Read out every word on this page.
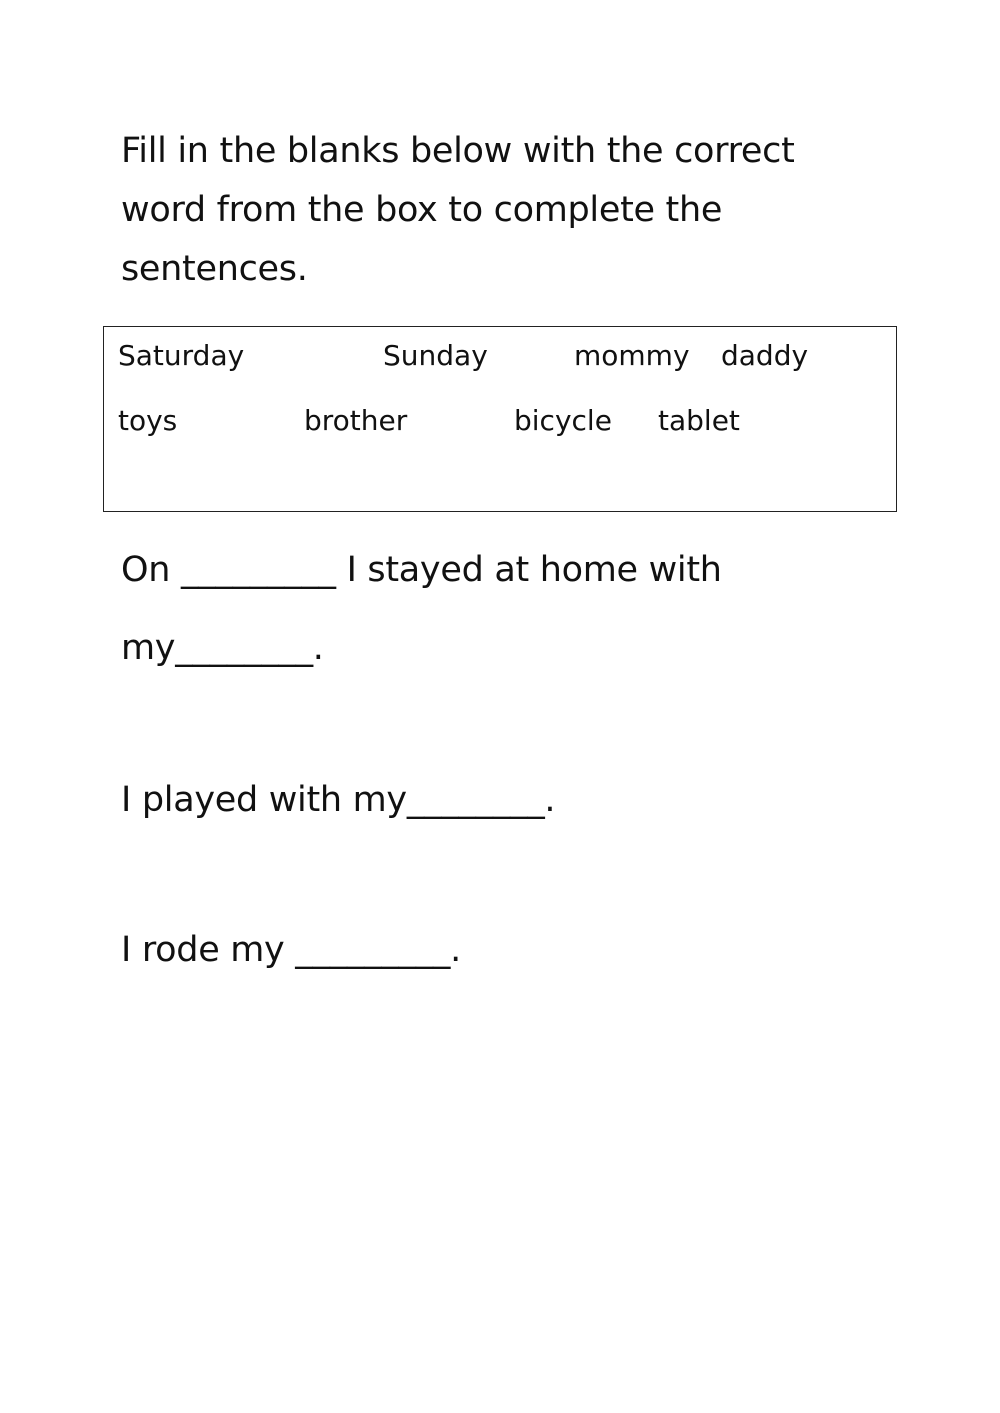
Fill in the blanks below with the correct word from the box to complete the sentences.

Saturday	Sunday	mommy daddy
toys	brother	bicycle tablet

On _________ I stayed at home with

my________.

I played with my________.

I rode my _________.
